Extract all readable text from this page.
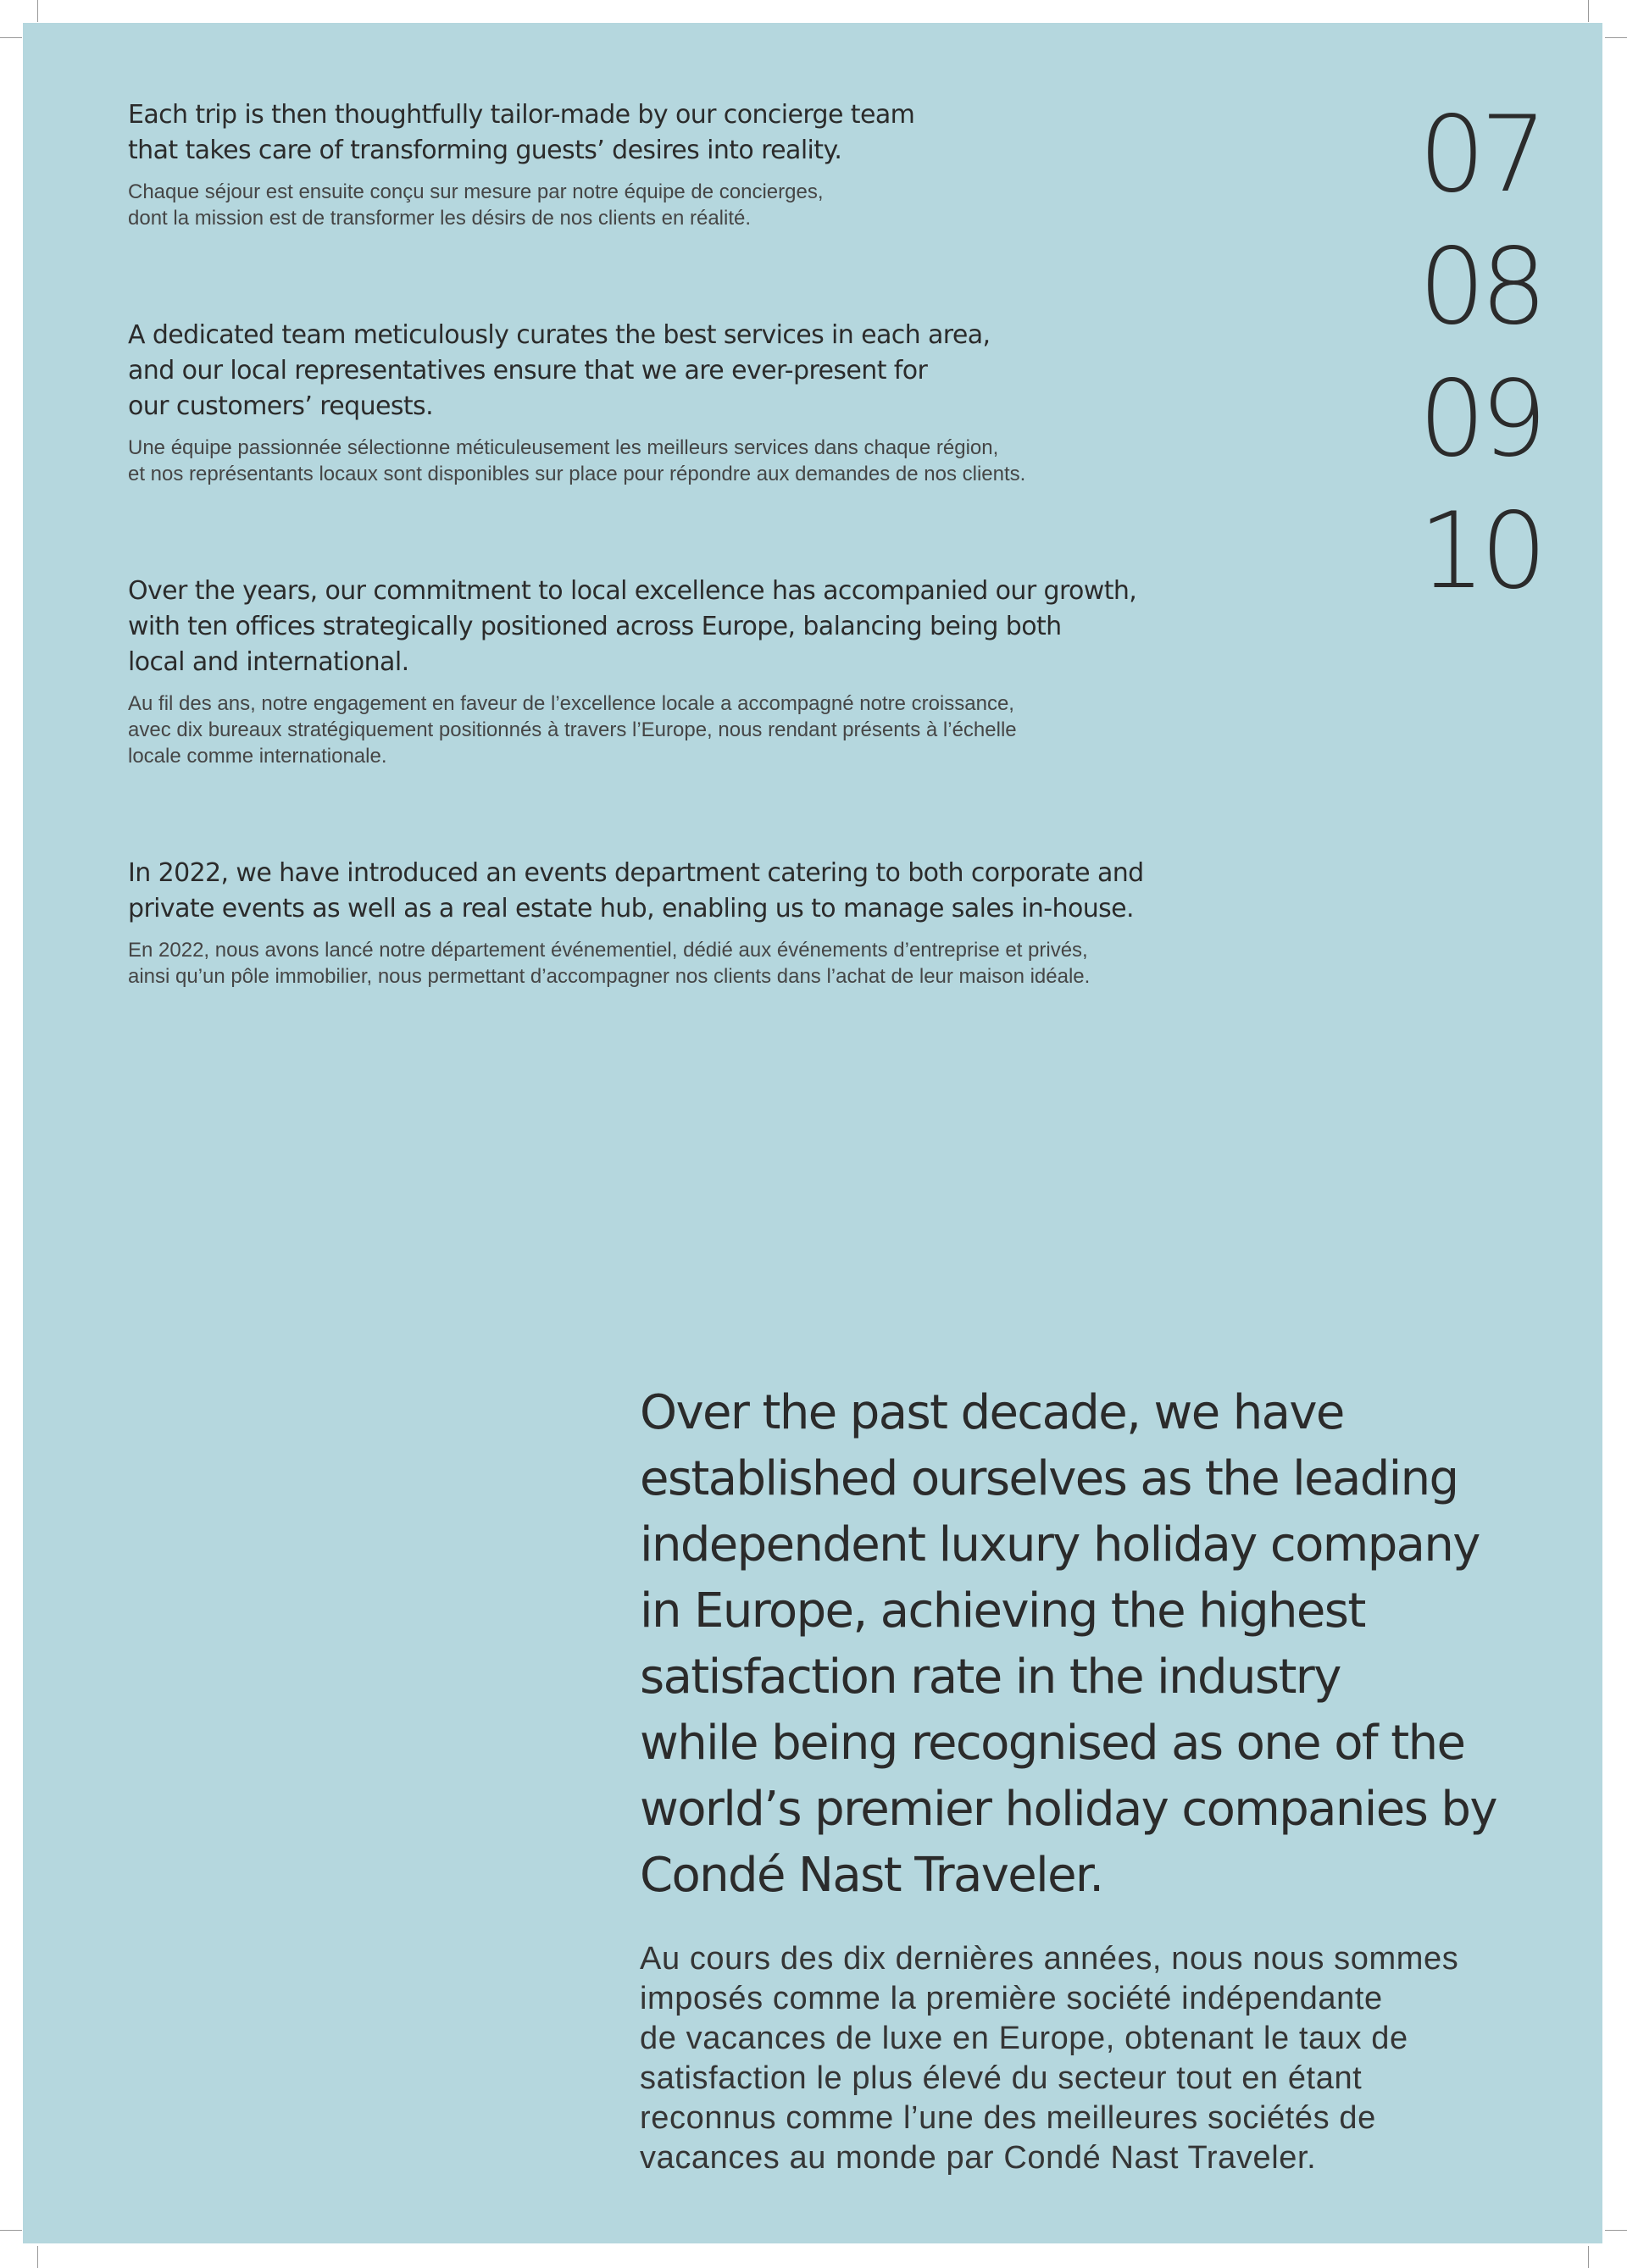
07
08
09
10
Each trip is then thoughtfully tailor-made by our concierge team
that takes care of transforming guests’ desires into reality.
Chaque séjour est ensuite conçu sur mesure par notre équipe de concierges,
dont la mission est de transformer les désirs de nos clients en réalité.
A dedicated team meticulously curates the best services in each area,
and our local representatives ensure that we are ever-present for
our customers’ requests.
Une équipe passionnée sélectionne méticuleusement les meilleurs services dans chaque région,
et nos représentants locaux sont disponibles sur place pour répondre aux demandes de nos clients.
Over the years, our commitment to local excellence has accompanied our growth,
with ten offices strategically positioned across Europe, balancing being both
local and international.
Au fil des ans, notre engagement en faveur de l’excellence locale a accompagné notre croissance,
avec dix bureaux stratégiquement positionnés à travers l’Europe, nous rendant présents à l’échelle
locale comme internationale.
In 2022, we have introduced an events department catering to both corporate and
private events as well as a real estate hub, enabling us to manage sales in-house.
En 2022, nous avons lancé notre département événementiel, dédié aux événements d’entreprise et privés,
ainsi qu’un pôle immobilier, nous permettant d’accompagner nos clients dans l’achat de leur maison idéale.
Over the past decade, we have
established ourselves as the leading
independent luxury holiday company
in Europe, achieving the highest
satisfaction rate in the industry
while being recognised as one of the
world’s premier holiday companies by
Condé Nast Traveler.
Au cours des dix dernières années, nous nous sommes
imposés comme la première société indépendante
de vacances de luxe en Europe, obtenant le taux de
satisfaction le plus élevé du secteur tout en étant
reconnus comme l’une des meilleures sociétés de
vacances au monde par Condé Nast Traveler.
